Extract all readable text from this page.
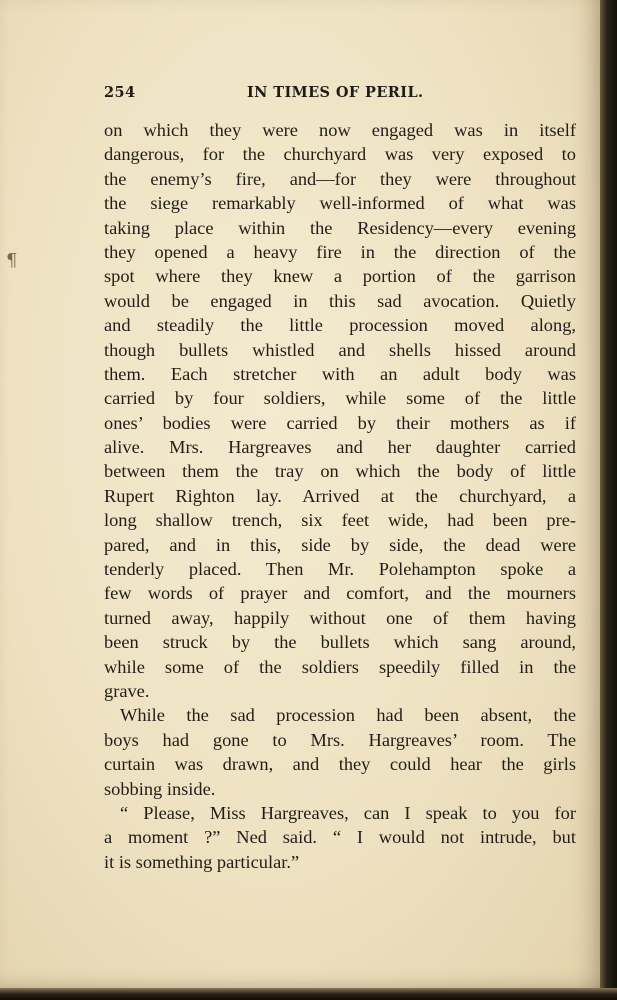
¶
254	IN TIMES OF PERIL.
on which they were now engaged was in itself
dangerous, for the churchyard was very exposed to
the enemy’s fire, and—for they were throughout
the siege remarkably well-informed of what was
taking place within the Residency—every evening
they opened a heavy fire in the direction of the
spot where they knew a portion of the garrison
would be engaged in this sad avocation. Quietly
and steadily the little procession moved along,
though bullets whistled and shells hissed around
them. Each stretcher with an adult body was
carried by four soldiers, while some of the little
ones’ bodies were carried by their mothers as if
alive. Mrs. Hargreaves and her daughter carried
between them the tray on which the body of little
Rupert Righton lay. Arrived at the churchyard, a
long shallow trench, six feet wide, had been pre-
pared, and in this, side by side, the dead were
tenderly placed. Then Mr. Polehampton spoke a
few words of prayer and comfort, and the mourners
turned away, happily without one of them having
been struck by the bullets which sang around,
while some of the soldiers speedily filled in the
grave.
While the sad procession had been absent, the
boys had gone to Mrs. Hargreaves’ room. The
curtain was drawn, and they could hear the girls
sobbing inside.
“ Please, Miss Hargreaves, can I speak to you for
a moment ?” Ned said. “ I would not intrude, but
it is something particular.”
